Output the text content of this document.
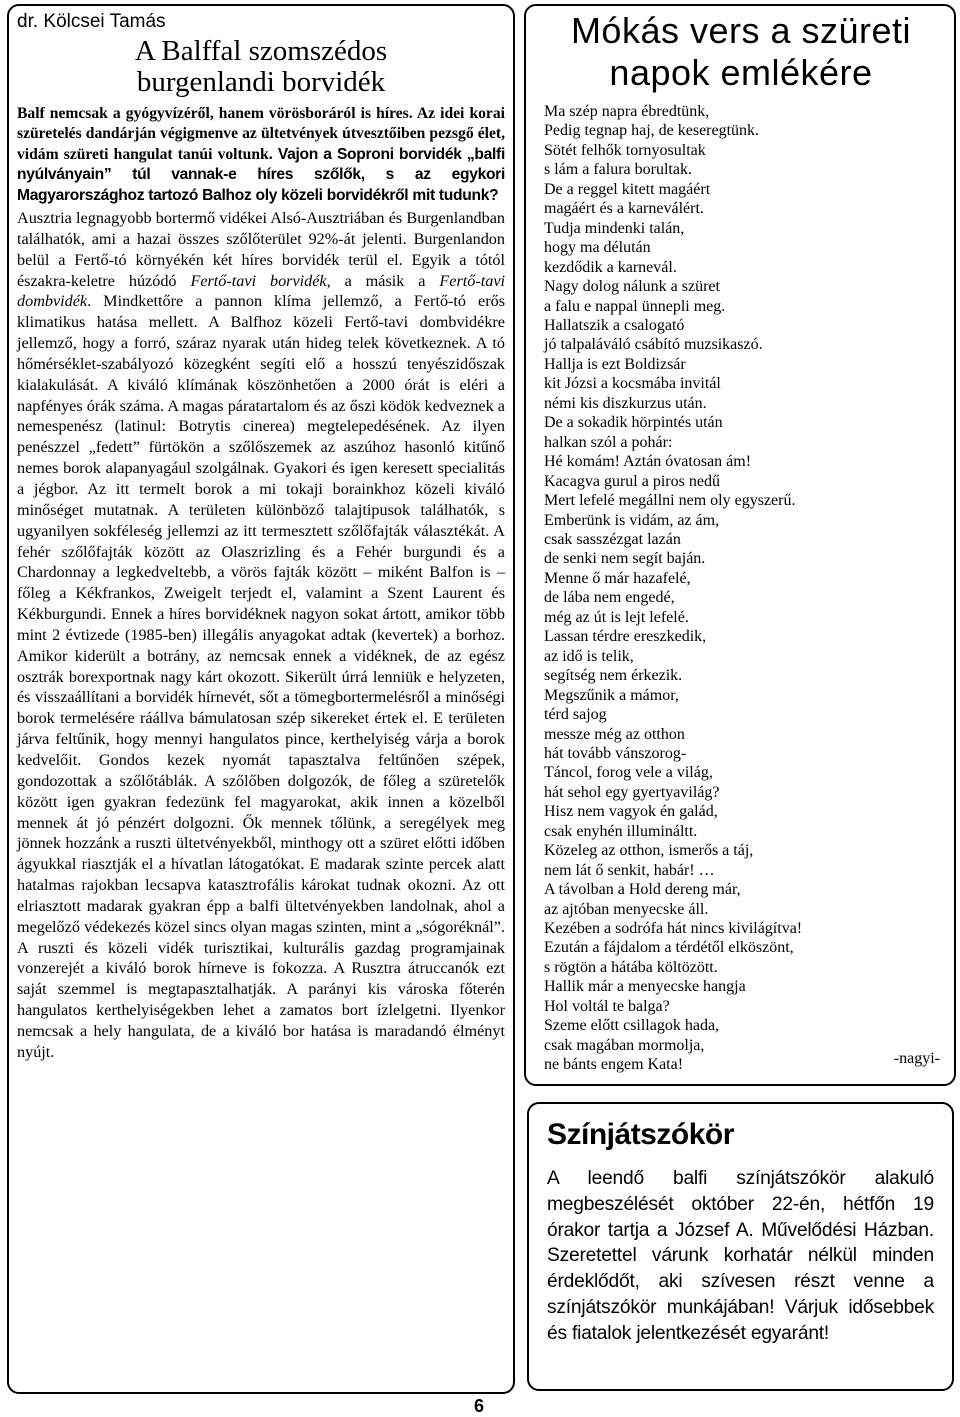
dr. Kölcsei Tamás

A Balffal szomszédos
burgenlandi borvidék

Balf nemcsak a gyógyvízéről, hanem vörösboráról is híres. Az idei korai szüretelés dandárján végigmenve az ültetvények útvesztőiben pezsgő élet, vidám szüreti hangulat tanúi voltunk. Vajon a Soproni borvidék „balfi nyúlványain” túl vannak-e híres szőlők, s az egykori Magyarországhoz tartozó Balhoz oly közeli borvidékről mit tudunk?

Ausztria legnagyobb bortermő vidékei Alsó-Ausztriában és Burgenlandban találhatók, ami a hazai összes szőlőterület 92%-át jelenti. Burgenlandon belül a Fertő-tó környékén két híres borvidék terül el. Egyik a tótól északra-keletre húzódó Fertő-tavi borvidék, a másik a Fertő-tavi dombvidék. Mindkettőre a pannon klíma jellemző, a Fertő-tó erős klimatikus hatása mellett. A Balfhoz közeli Fertő-tavi dombvidékre jellemző, hogy a forró, száraz nyarak után hideg telek következnek. A tó hőmérséklet-szabályozó közegként segíti elő a hosszú tenyészidőszak kialakulását. A kiváló klímának köszönhetően a 2000 órát is eléri a napfényes órák száma. A magas páratartalom és az őszi ködök kedveznek a nemespenész (latinul: Botrytis cinerea) megtelepedésének. Az ilyen penészzel „fedett” fürtökön a szőlőszemek az aszúhoz hasonló kitűnő nemes borok alapanyagául szolgálnak. Gyakori és igen keresett specialitás a jégbor. Az itt termelt borok a mi tokaji borainkhoz közeli kiváló minőséget mutatnak. A területen különböző talajtipusok találhatók, s ugyanilyen sokféleség jellemzi az itt termesztett szőlőfajták választékát. A fehér szőlőfajták között az Olaszrizling és a Fehér burgundi és a Chardonnay a legkedveltebb, a vörös fajták között – miként Balfon is – főleg a Kékfrankos, Zweigelt terjedt el, valamint a Szent Laurent és Kékburgundi. Ennek a híres borvidéknek nagyon sokat ártott, amikor több mint 2 évtizede (1985-ben) illegális anyagokat adtak (kevertek) a borhoz. Amikor kiderült a botrány, az nemcsak ennek a vidéknek, de az egész osztrák borexportnak nagy kárt okozott. Sikerült úrrá lenniük e helyzeten, és visszaállítani a borvidék hírnevét, sőt a tömegbortermelésről a minőségi borok termelésére ráállva bámulatosan szép sikereket értek el. E területen járva feltűnik, hogy mennyi hangulatos pince, kerthelyiség várja a borok kedvelőit. Gondos kezek nyomát tapasztalva feltűnően szépek, gondozottak a szőlőtáblák. A szőlőben dolgozók, de főleg a szüretelők között igen gyakran fedezünk fel magyarokat, akik innen a közelből mennek át jó pénzért dolgozni. Ők mennek tőlünk, a seregélyek meg jönnek hozzánk a ruszti ültetvényekből, minthogy ott a szüret előtti időben ágyukkal riasztják el a hívatlan látogatókat. E madarak szinte percek alatt hatalmas rajokban lecsapva katasztrofális károkat tudnak okozni. Az ott elriasztott madarak gyakran épp a balfi ültetvényekben landolnak, ahol a megelőző védekezés közel sincs olyan magas szinten, mint a „sógoréknál”. A ruszti és közeli vidék turisztikai, kulturális gazdag programjainak vonzerejét a kiváló borok hírneve is fokozza. A Rusztra átruccanók ezt saját szemmel is megtapasztalhatják. A parányi kis városka főterén hangulatos kerthelyiségekben lehet a zamatos bort ízlelgetni. Ilyenkor nemcsak a hely hangulata, de a kiváló bor hatása is maradandó élményt nyújt.

Mókás vers a szüreti
napok emlékére
Ma szép napra ébredtünk,
Pedig tegnap haj, de keseregtünk.
Sötét felhők tornyosultak
s lám a falura borultak.
De a reggel kitett magáért
magáért és a karneválért.
Tudja mindenki talán,
hogy ma délután
kezdődik a karnevál.
Nagy dolog nálunk a szüret
a falu e nappal ünnepli meg.
Hallatszik a csalogató
jó talpaláváló csábító muzsikaszó.
Hallja is ezt Boldizsár
kit Józsi a kocsmába invitál
némi kis diszkurzus után.
De a sokadik hörpintés után
halkan szól a pohár:
Hé komám! Aztán óvatosan ám!
Kacagva gurul a piros nedű
Mert lefelé megállni nem oly egyszerű.
Emberünk is vidám, az ám,
csak sasszézgat lazán
de senki nem segít baján.
Menne ő már hazafelé,
de lába nem engedé,
még az út is lejt lefelé.
Lassan térdre ereszkedik,
az idő is telik,
segítség nem érkezik.
Megszűnik a mámor,
térd sajog
messze még az otthon
hát tovább vánszorog-
Táncol, forog vele a világ,
hát sehol egy gyertyavilág?
Hisz nem vagyok én galád,
csak enyhén illumináltt.
Közeleg az otthon, ismerős a táj,
nem lát ő senkit, habár! …
A távolban a Hold dereng már,
az ajtóban menyecske áll.
Kezében a sodrófa hát nincs kivilágítva!
Ezután a fájdalom a térdétől elköszönt,
s rögtön a hátába költözött.
Hallik már a menyecske hangja
Hol voltál te balga?
Szeme előtt csillagok hada,
csak magában mormolja,
ne bánts engem Kata!	-nagyi-
Színjátszókör

A leendő balfi színjátszókör alakuló megbeszélését október 22-én, hétfőn 19 órakor tartja a József A. Művelődési Házban. Szeretettel várunk korhatár nélkül minden érdeklődőt, aki szívesen részt venne a színjátszókör munkájában! Várjuk idősebbek és fiatalok jelentkezését egyaránt!

6
